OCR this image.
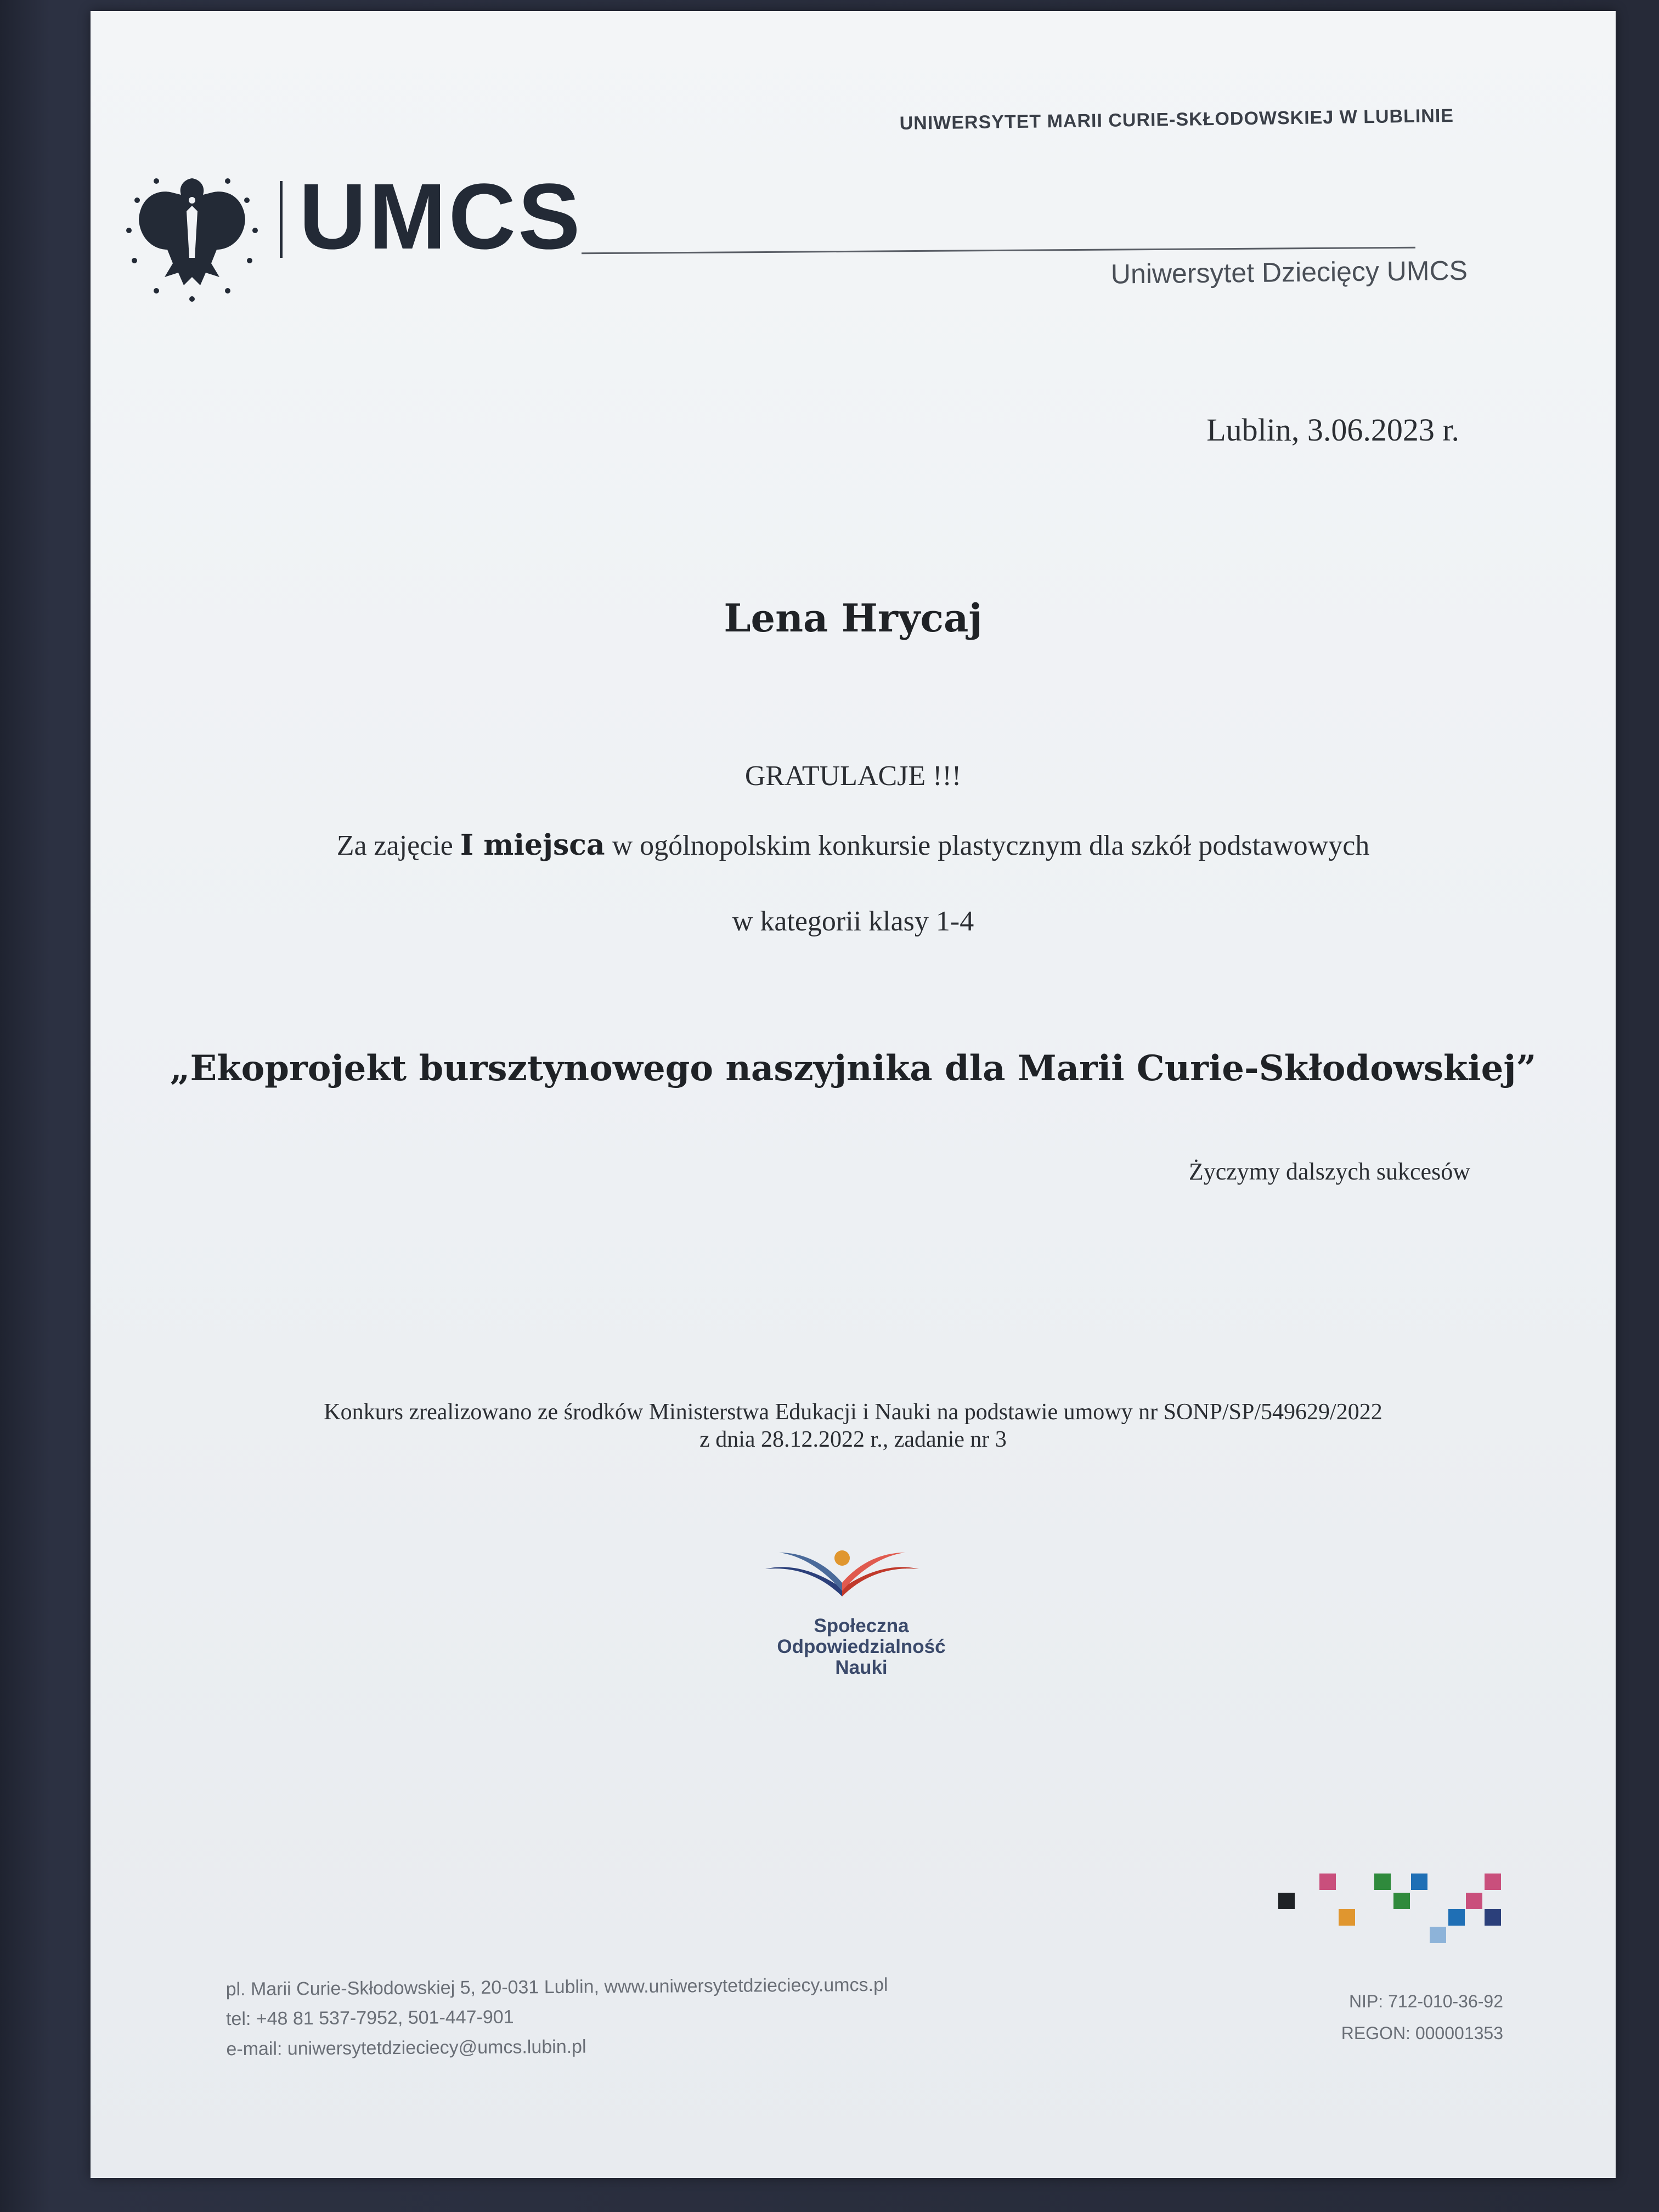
UNIWERSYTET MARII CURIE-SKŁODOWSKIEJ W LUBLINIE
UMCS
Uniwersytet Dziecięcy UMCS
Lublin, 3.06.2023 r.
Lena Hrycaj
GRATULACJE !!!
Za zajęcie I miejsca w ogólnopolskim konkursie plastycznym dla szkół podstawowych
w kategorii klasy 1-4
„Ekoprojekt bursztynowego naszyjnika dla Marii Curie-Skłodowskiej”
Życzymy dalszych sukcesów
Konkurs zrealizowano ze środków Ministerstwa Edukacji i Nauki na podstawie umowy nr SONP/SP/549629/2022
z dnia 28.12.2022 r., zadanie nr 3
Społeczna
Odpowiedzialność
Nauki
pl. Marii Curie-Skłodowskiej 5, 20-031 Lublin, www.uniwersytetdzieciecy.umcs.pl
tel: +48 81 537-7952, 501-447-901
e-mail: uniwersytetdzieciecy@umcs.lubin.pl
NIP: 712-010-36-92
REGON: 000001353
